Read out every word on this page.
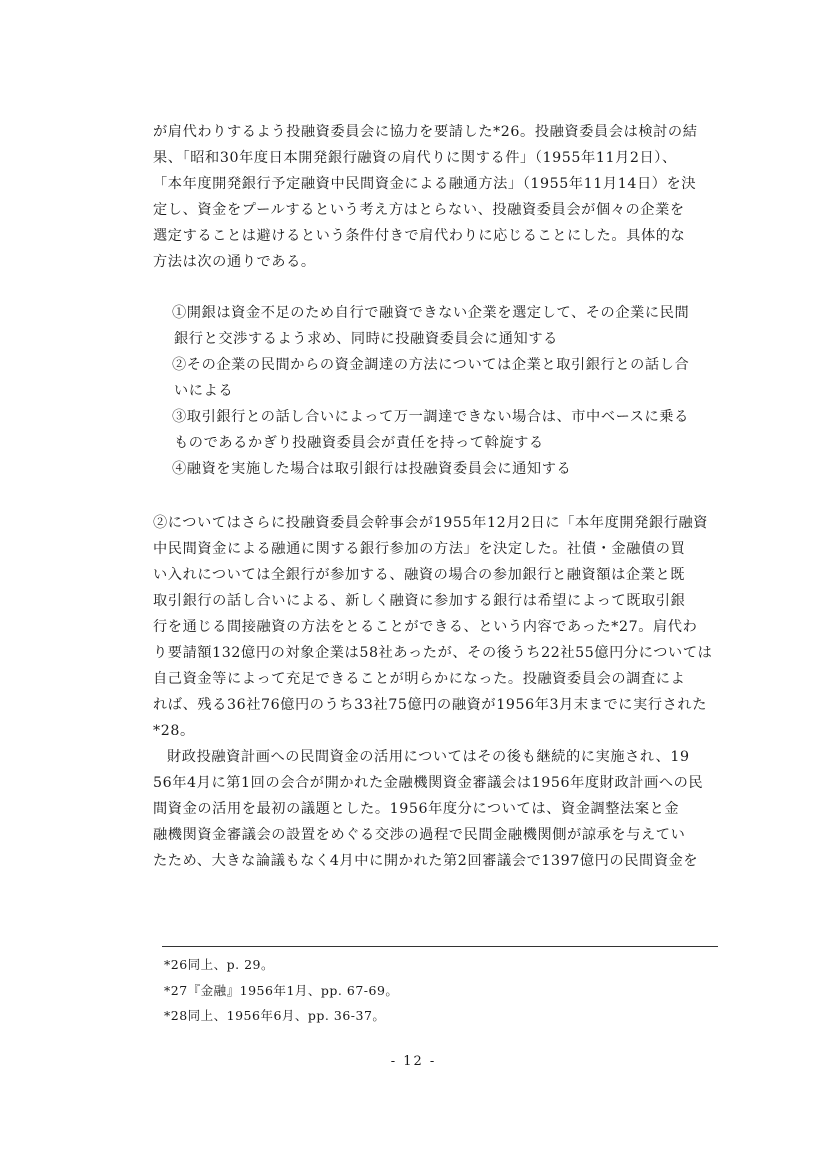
が肩代わりするよう投融資委員会に協力を要請した*26。投融資委員会は検討の結
果、「昭和30年度日本開発銀行融資の肩代りに関する件」（1955年11月2日）、
「本年度開発銀行予定融資中民間資金による融通方法」（1955年11月14日）を決
定し、資金をプールするという考え方はとらない、投融資委員会が個々の企業を
選定することは避けるという条件付きで肩代わりに応じることにした。具体的な
方法は次の通りである。
①開銀は資金不足のため自行で融資できない企業を選定して、その企業に民間
銀行と交渉するよう求め、同時に投融資委員会に通知する
②その企業の民間からの資金調達の方法については企業と取引銀行との話し合
いによる
③取引銀行との話し合いによって万一調達できない場合は、市中ベースに乗る
ものであるかぎり投融資委員会が責任を持って斡旋する
④融資を実施した場合は取引銀行は投融資委員会に通知する
②についてはさらに投融資委員会幹事会が1955年12月2日に「本年度開発銀行融資
中民間資金による融通に関する銀行参加の方法」を決定した。社債・金融債の買
い入れについては全銀行が参加する、融資の場合の参加銀行と融資額は企業と既
取引銀行の話し合いによる、新しく融資に参加する銀行は希望によって既取引銀
行を通じる間接融資の方法をとることができる、という内容であった*27。肩代わ
り要請額132億円の対象企業は58社あったが、その後うち22社55億円分については
自己資金等によって充足できることが明らかになった。投融資委員会の調査によ
れば、残る36社76億円のうち33社75億円の融資が1956年3月末までに実行された
*28。
財政投融資計画への民間資金の活用についてはその後も継続的に実施され、19
56年4月に第1回の会合が開かれた金融機関資金審議会は1956年度財政計画への民
間資金の活用を最初の議題とした。1956年度分については、資金調整法案と金
融機関資金審議会の設置をめぐる交渉の過程で民間金融機関側が諒承を与えてい
たため、大きな論議もなく4月中に開かれた第2回審議会で1397億円の民間資金を
*26同上、p. 29。
*27『金融』1956年1月、pp. 67-69。
*28同上、1956年6月、pp. 36-37。
- 12 -
